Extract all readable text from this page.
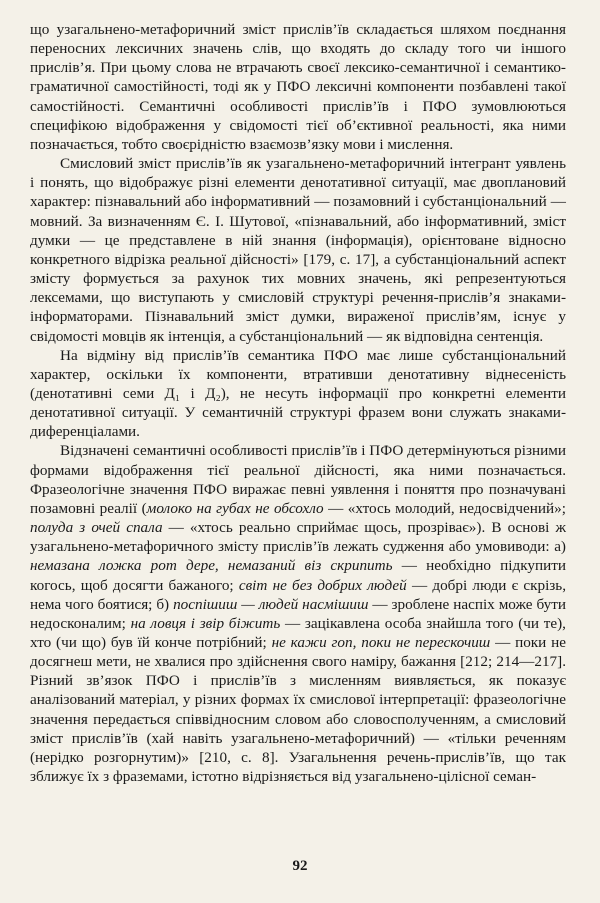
що узагальнено-метафоричний зміст прислів’їв складається шляхом поєднання переносних лексичних значень слів, що входять до складу того чи іншого прислів’я. При цьому слова не втрачають своєї лексико-семантичної і семантико-граматичної самостійності, тоді як у ПФО лексичні компоненти позбавлені такої самостійності. Семантичні особливості прислів’їв і ПФО зумовлюються специфікою відображення у свідомості тієї об’єктивної реальності, яка ними позначається, тобто своєрідністю взаємозв’язку мови і мислення.

Смисловий зміст прислів’їв як узагальнено-метафоричний інтегрант уявлень і понять, що відображує різні елементи денотативної ситуації, має двоплановий характер: пізнавальний або інформативний — позамовний і субстанціональний — мовний. За визначенням Є. І. Шутової, «пізнавальний, або інформативний, зміст думки — це представлене в ній знання (інформація), орієнтоване відносно конкретного відрізка реальної дійсності» [179, с. 17], а субстанціональний аспект змісту формується за рахунок тих мовних значень, які репрезентуються лексемами, що виступають у смисловій структурі речення-прислів’я знаками-інформаторами. Пізнавальний зміст думки, вираженої прислів’ям, існує у свідомості мовців як інтенція, а субстанціональний — як відповідна сентенція.

На відміну від прислів’їв семантика ПФО має лише субстанціональний характер, оскільки їх компоненти, втративши денотативну віднесеність (денотативні семи Д₁ і Д₂), не несуть інформації про конкретні елементи денотативної ситуації. У семантичній структурі фразем вони служать знаками-диференціалами.

Відзначені семантичні особливості прислів’їв і ПФО детермінуються різними формами відображення тієї реальної дійсності, яка ними позначається. Фразеологічне значення ПФО виражає певні уявлення і поняття про позначувані позамовні реалії (молоко на губах не обсохло — «хтось молодий, недосвідчений»; полуда з очей спала — «хтось реально сприймає щось, прозріває»). В основі ж узагальнено-метафоричного змісту прислів’їв лежать судження або умовиводи: а) немазана ложка рот дере, немазаний віз скрипить — необхідно підкупити когось, щоб досягти бажаного; світ не без добрих людей — добрі люди є скрізь, нема чого боятися; б) поспішиш — людей насмішиш — зроблене наспіх може бути недосконалим; на ловця і звір біжить — зацікавлена особа знайшла того (чи те), хто (чи що) був їй конче потрібний; не кажи гоп, поки не перескочиш — поки не досягнеш мети, не хвалися про здійснення свого наміру, бажання [212; 214—217]. Різний зв’язок ПФО і прислів’їв з мисленням виявляється, як показує аналізований матеріал, у різних формах їх смислової інтерпретації: фразеологічне значення передається співвідносним словом або словосполученням, а смисловий зміст прислів’їв (хай навіть узагальнено-метафоричний) — «тільки реченням (нерідко розгорнутим)» [210, с. 8]. Узагальнення речень-прислів’їв, що так зближує їх з фраземами, істотно відрізняється від узагальнено-цілісної семан-

92
